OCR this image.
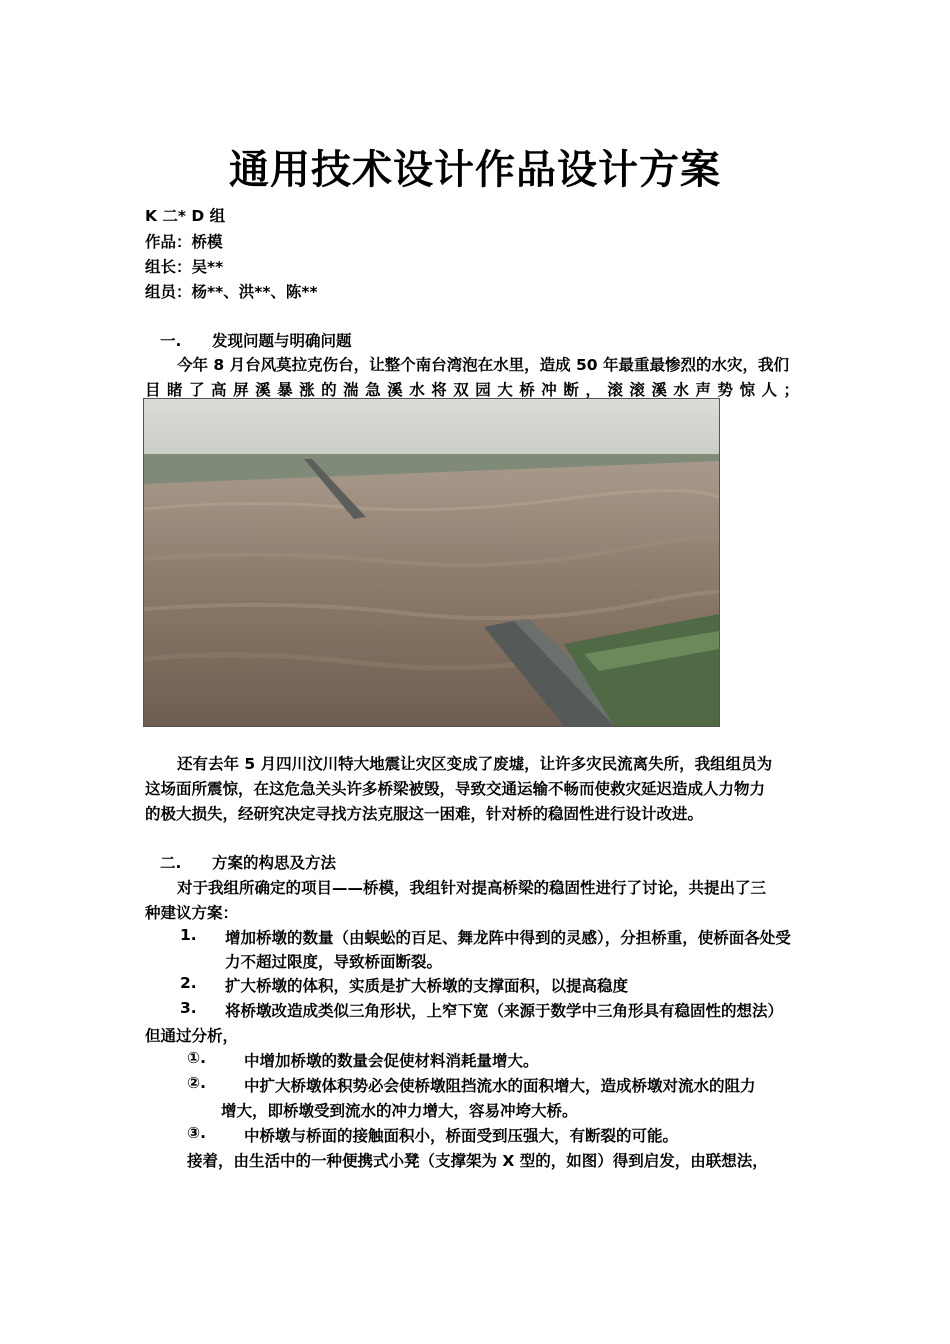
通用技术设计作品设计方案
K 二* D 组
作品：桥模
组长：吴**
组员：杨**、洪**、陈**
一. 发现问题与明确问题
今年 8 月台风莫拉克伤台，让整个南台湾泡在水里，造成 50 年最重最惨烈的水灾，我们
目睹了高屏溪暴涨的湍急溪水将双园大桥冲断，滚滚溪水声势惊人；
还有去年 5 月四川汶川特大地震让灾区变成了废墟，让许多灾民流离失所，我组组员为
这场面所震惊，在这危急关头许多桥梁被毁，导致交通运输不畅而使救灾延迟造成人力物力
的极大损失，经研究决定寻找方法克服这一困难，针对桥的稳固性进行设计改进。
二. 方案的构思及方法
对于我组所确定的项目——桥模，我组针对提高桥梁的稳固性进行了讨论，共提出了三
种建议方案：
1. 增加桥墩的数量（由蜈蚣的百足、舞龙阵中得到的灵感），分担桥重，使桥面各处受
力不超过限度，导致桥面断裂。
2. 扩大桥墩的体积，实质是扩大桥墩的支撑面积，以提高稳度
3. 将桥墩改造成类似三角形状，上窄下宽（来源于数学中三角形具有稳固性的想法）
但通过分析，
①. 中增加桥墩的数量会促使材料消耗量增大。
②. 中扩大桥墩体积势必会使桥墩阻挡流水的面积增大，造成桥墩对流水的阻力
增大，即桥墩受到流水的冲力增大，容易冲垮大桥。
③. 中桥墩与桥面的接触面积小，桥面受到压强大，有断裂的可能。
接着，由生活中的一种便携式小凳（支撑架为 X 型的，如图）得到启发，由联想法，
